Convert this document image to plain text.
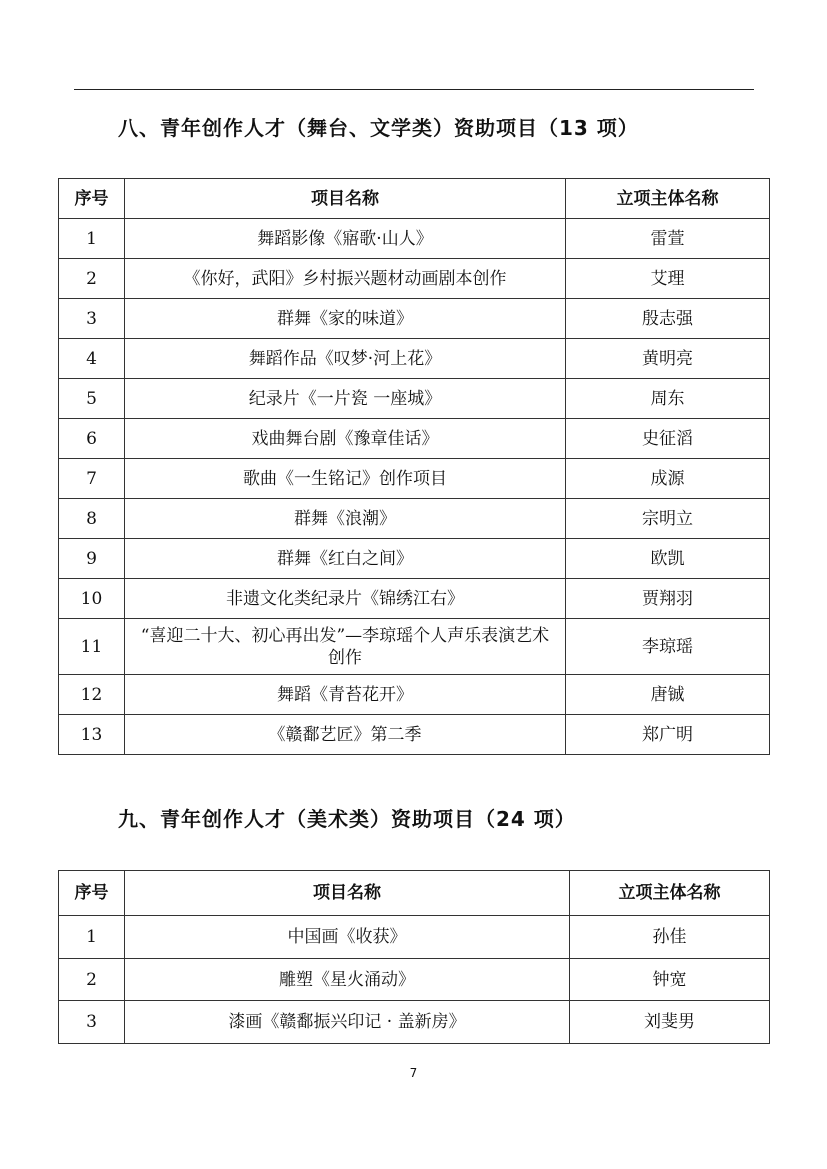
八、青年创作人才（舞台、文学类）资助项目（13 项）
序号	项目名称	立项主体名称
1	舞蹈影像《寤歌·山人》	雷萱
2	《你好，武阳》乡村振兴题材动画剧本创作	艾理
3	群舞《家的味道》	殷志强
4	舞蹈作品《叹梦·河上花》	黄明亮
5	纪录片《一片瓷 一座城》	周东
6	戏曲舞台剧《豫章佳话》	史征滔
7	歌曲《一生铭记》创作项目	成源
8	群舞《浪潮》	宗明立
9	群舞《红白之间》	欧凯
10	非遗文化类纪录片《锦绣江右》	贾翔羽
11	“喜迎二十大、初心再出发”—李琼瑶个人声乐表演艺术创作	李琼瑶
12	舞蹈《青苔花开》	唐铖
13	《赣鄱艺匠》第二季	郑广明
九、青年创作人才（美术类）资助项目（24 项）
序号	项目名称	立项主体名称
1	中国画《收获》	孙佳
2	雕塑《星火涌动》	钟宽
3	漆画《赣鄱振兴印记 · 盖新房》	刘斐男
7
